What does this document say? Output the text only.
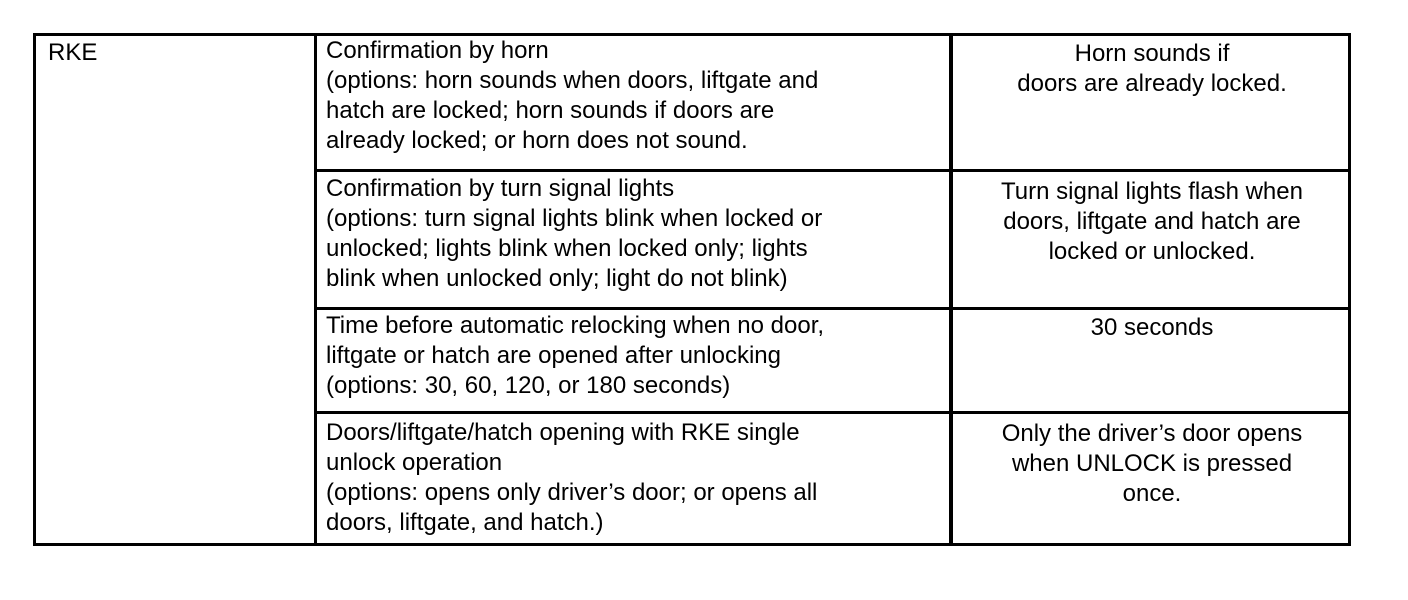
RKE	Confirmation by horn
(options: horn sounds when doors, liftgate and
hatch are locked; horn sounds if doors are
already locked; or horn does not sound.
Horn sounds if
doors are already locked.
Confirmation by turn signal lights
(options: turn signal lights blink when locked or
unlocked; lights blink when locked only; lights
blink when unlocked only; light do not blink)
Turn signal lights flash when
doors, liftgate and hatch are
locked or unlocked.
Time before automatic relocking when no door,
liftgate or hatch are opened after unlocking
(options: 30, 60, 120, or 180 seconds)
30 seconds
Doors/liftgate/hatch opening with RKE single
unlock operation
(options: opens only driver’s door; or opens all
doors, liftgate, and hatch.)
Only the driver’s door opens
when UNLOCK is pressed
once.
